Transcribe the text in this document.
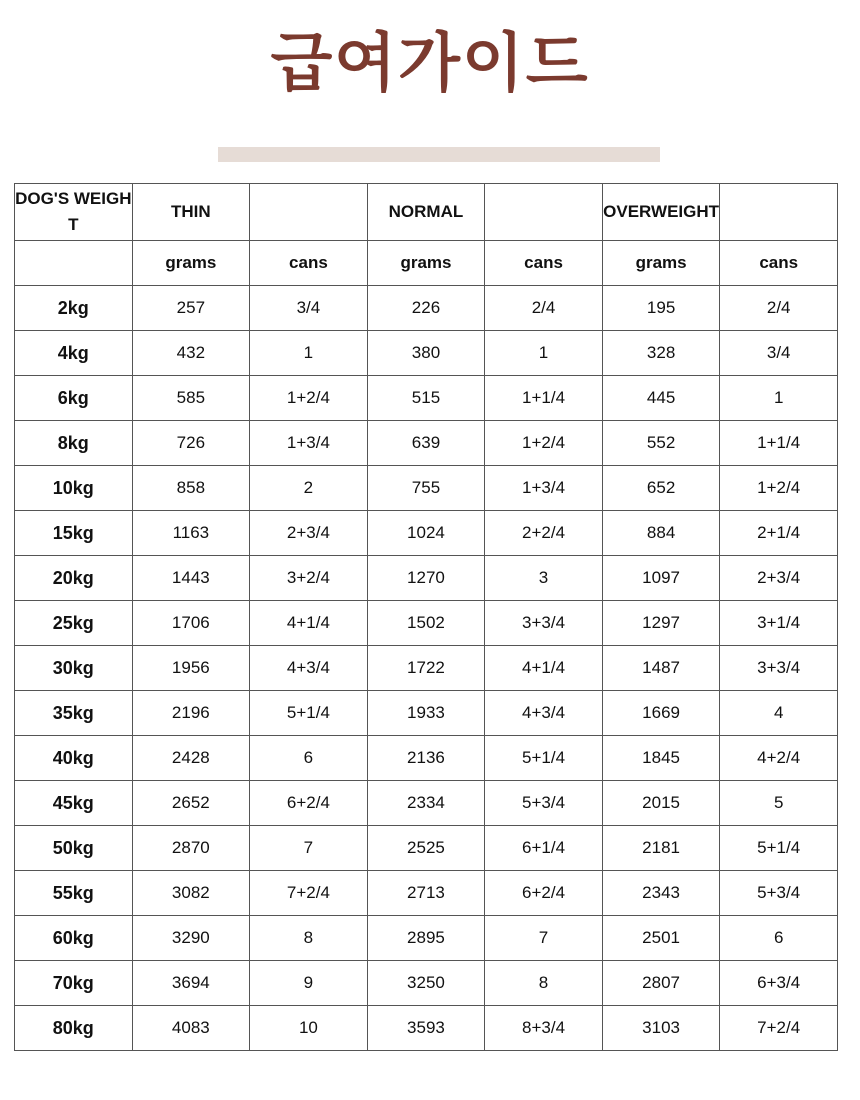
급여가이드
DOG'S WEIGHT	THIN		NORMAL		OVERWEIGHT	
	grams	cans	grams	cans	grams	cans
2kg	257	3/4	226	2/4	195	2/4
4kg	432	1	380	1	328	3/4
6kg	585	1+2/4	515	1+1/4	445	1
8kg	726	1+3/4	639	1+2/4	552	1+1/4
10kg	858	2	755	1+3/4	652	1+2/4
15kg	1163	2+3/4	1024	2+2/4	884	2+1/4
20kg	1443	3+2/4	1270	3	1097	2+3/4
25kg	1706	4+1/4	1502	3+3/4	1297	3+1/4
30kg	1956	4+3/4	1722	4+1/4	1487	3+3/4
35kg	2196	5+1/4	1933	4+3/4	1669	4
40kg	2428	6	2136	5+1/4	1845	4+2/4
45kg	2652	6+2/4	2334	5+3/4	2015	5
50kg	2870	7	2525	6+1/4	2181	5+1/4
55kg	3082	7+2/4	2713	6+2/4	2343	5+3/4
60kg	3290	8	2895	7	2501	6
70kg	3694	9	3250	8	2807	6+3/4
80kg	4083	10	3593	8+3/4	3103	7+2/4
